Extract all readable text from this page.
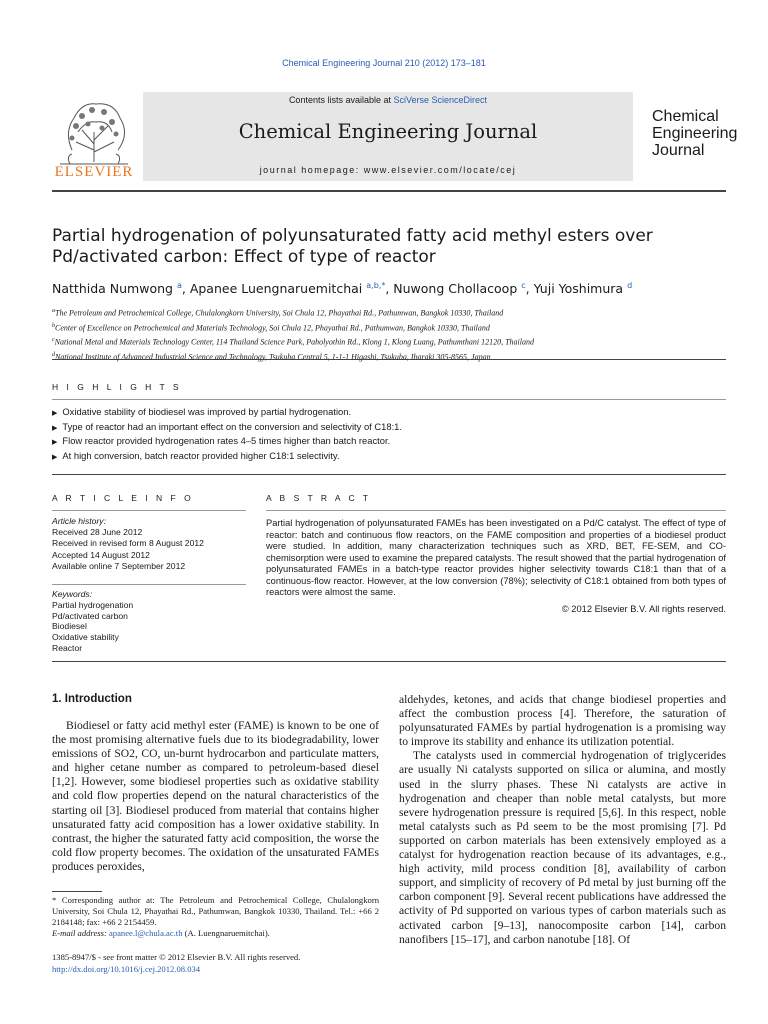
Chemical Engineering Journal 210 (2012) 173–181
ELSEVIER
Contents lists available at SciVerse ScienceDirect
Chemical Engineering Journal
journal homepage: www.elsevier.com/locate/cej
Chemical
Engineering
Journal
Partial hydrogenation of polyunsaturated fatty acid methyl esters over Pd/activated carbon: Effect of type of reactor
Natthida Numwong $^a$, Apanee Luengnaruemitchai $^{a,b,*}$, Nuwong Chollacoop $^c$, Yuji Yoshimura $^d$
$^a$The Petroleum and Petrochemical College, Chulalongkorn University, Soi Chula 12, Phayathai Rd., Pathumwan, Bangkok 10330, Thailand
$^b$Center of Excellence on Petrochemical and Materials Technology, Soi Chula 12, Phayathai Rd., Pathumwan, Bangkok 10330, Thailand
$^c$National Metal and Materials Technology Center, 114 Thailand Science Park, Paholyothin Rd., Klong 1, Klong Luang, Pathumthani 12120, Thailand
$^d$National Institute of Advanced Industrial Science and Technology, Tsukuba Central 5, 1-1-1 Higashi, Tsukuba, Ibaraki 305-8565, Japan
H I G H L I G H T S
▶ Oxidative stability of biodiesel was improved by partial hydrogenation.
▶ Type of reactor had an important effect on the conversion and selectivity of C18:1.
▶ Flow reactor provided hydrogenation rates 4–5 times higher than batch reactor.
▶ At high conversion, batch reactor provided higher C18:1 selectivity.
A R T I C L E I N F O
Article history:
Received 28 June 2012
Received in revised form 8 August 2012
Accepted 14 August 2012
Available online 7 September 2012
Keywords:
Partial hydrogenation
Pd/activated carbon
Biodiesel
Oxidative stability
Reactor
A B S T R A C T
Partial hydrogenation of polyunsaturated FAMEs has been investigated on a Pd/C catalyst. The effect of type of reactor: batch and continuous flow reactors, on the FAME composition and properties of a biodiesel product were studied. In addition, many characterization techniques such as XRD, BET, FE-SEM, and CO-chemisorption were used to examine the prepared catalysts. The result showed that the partial hydrogenation of polyunsaturated FAMEs in a batch-type reactor provides higher selectivity towards C18:1 than that of a continuous-flow reactor. However, at the low conversion (78%); selectivity of C18:1 obtained from both types of reactors were almost the same.
© 2012 Elsevier B.V. All rights reserved.
1. Introduction

Biodiesel or fatty acid methyl ester (FAME) is known to be one of the most promising alternative fuels due to its biodegradability, lower emissions of SO2, CO, un-burnt hydrocarbon and particulate matters, and higher cetane number as compared to petroleum-based diesel [1,2]. However, some biodiesel properties such as oxidative stability and cold flow properties depend on the natural characteristics of the starting oil [3]. Biodiesel produced from material that contains higher unsaturated fatty acid composition has a lower oxidative stability. In contrast, the higher the saturated fatty acid composition, the worse the cold flow property becomes. The oxidation of the unsaturated FAMEs produces peroxides,

aldehydes, ketones, and acids that change biodiesel properties and affect the combustion process [4]. Therefore, the saturation of polyunsaturated FAMEs by partial hydrogenation is a promising way to improve its stability and enhance its utilization potential.

The catalysts used in commercial hydrogenation of triglycerides are usually Ni catalysts supported on silica or alumina, and mostly used in the slurry phases. These Ni catalysts are active in hydrogenation and cheaper than noble metal catalysts, but more severe hydrogenation pressure is required [5,6]. In this respect, noble metal catalysts such as Pd seem to be the most promising [7]. Pd supported on carbon materials has been extensively employed as a catalyst for hydrogenation reaction because of its advantages, e.g., high activity, mild process condition [8], availability of carbon support, and simplicity of recovery of Pd metal by just burning off the carbon component [9]. Several recent publications have addressed the activity of Pd supported on various types of carbon materials such as activated carbon [9–13], nanocomposite carbon [14], carbon nanofibers [15–17], and carbon nanotube [18]. Of

* Corresponding author at: The Petroleum and Petrochemical College, Chulalongkorn University, Soi Chula 12, Phayathai Rd., Pathumwan, Bangkok 10330, Thailand. Tel.: +66 2 2184148; fax: +66 2 2154459.
E-mail address: apanee.l@chula.ac.th (A. Luengnaruemitchai).
1385-8947/$ - see front matter © 2012 Elsevier B.V. All rights reserved.
http://dx.doi.org/10.1016/j.cej.2012.08.034
